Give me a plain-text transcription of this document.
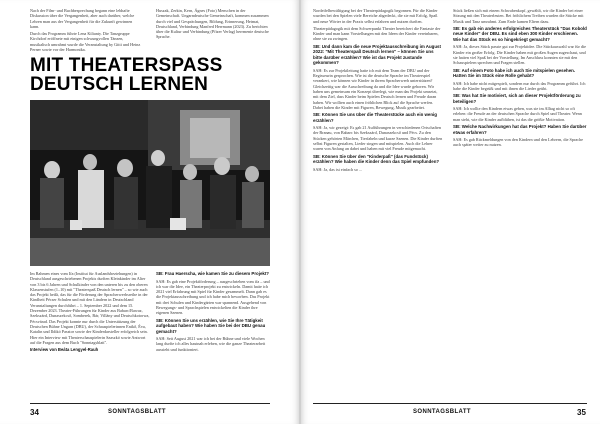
Nach der Film- und Buchbesprechung begann eine lebhafte Diskussion über die Vergangenheit, aber auch darüber, welche Lehren man aus der Vergangenheit für die Zukunft gewinnen kann.

Durch das Programm führte Lena Kilianty. Die Tanzgruppe Kirchdorf eröffnete mit einigen schwungvollen Tänzen, musikalisch umrahmt wurde die Veranstaltung by Gitti und Heinz Perner sowie vor der Harmonika.

Huszak, Zerkin, Kern, Ágnes (Foto) Menschen in der Gemeinschaft. Ungarndeutsche Gemeinschaft, kommen zusammen durch viel und Gesprächungen, Bildung, Erinnerung, Heimat, Deutschland, Verbindung Manfred Herrmann (2023). Zu berichten über die Kultur und Verbindung (Pfizer Verlag) herrmenie deutsche Sprache.

MIT THEATERSPASS
DEUTSCH LERNEN

Im Rahmen eines vom Ifa (Institut für Auslandsbeziehungen) in Deutschland ausgeschriebenen Projekts durften Kleinkinder im Alter von 3 bis 6 Jahren und Schulkinder von den unteren bis zu den oberen Klassenstufen (1–10) mit "Theaterspaß Deutsch lernen" – so wie auch das Projekt heißt, das für die Förderung der Spracherwerbsreihe in der Kindheit Pécser Schulen und mit den Ländern in Deutschland Veranstaltungen durchführt – 1. September 2022 und dem 15. Dezember 2023. Theater-Führungen für Kinder aus Babarc/Bawaz, Szekszárd, Dunaszekcső, Somberek, Bár, Villány und Deutschkotorwa, Pécsvárad. Das Projekt konnte nur durch die Unterstützung der Deutschen Bühne Ungarn (DBU), der Schauspielerinnen Enikő, Éva, Katalin und Ildikó Pasztor sowie der Kinderdarsteller erfolgreich sein. Hier ein Interview mit Theaterschauspielerin Szaszkó sowie Antwort auf die Fragen aus dem Buch "Sonntagsblatt".

Interview von Beáta Lengyel-Rauh

SB: Frau Haerscha, wie kamen Sie zu diesem Projekt?

SAH: Es gab eine Projektförderung – ausgeschrieben vom ifa – und ich war die Idee, ein Theaterprojekt zu entwickeln. Damit hatte ich 2021 viel Erfahrung mit Spiel für Kinder gesammelt. Dann gab es die Projektausschreibung und ich habe mich beworben. Das Projekt mit drei Schulen und Kindergärten war spannend. Ausgehend von Bewegungs- und Sprachspielen entwickelten die Kinder ihre eigenen Szenen.

SB: Können Sie uns erzählen, wie Sie Ihre Tätigkeit aufgebaut haben? Wie haben Sie bei der DBU genau gemacht?

SAH: Seit August 2021 war ich bei der Bühne und viele Wochen lang durfte ich alles hautnah erleben, wie die ganze Theaterarbeit aussieht und funktioniert.

34	SONNTAGSBLATT

Nordeifelbewältigung bei der Theaterpädagogik begonnen. Für die Kinder wurden bei den Spielen viele Bereiche abgedeckt, die sie mit Erfolg, Spaß und neue Wörter in der Praxis selbst erfahren und nutzen durften.

Theaterpädagogik mit dem Schwerpunkt Theater bereichert die Fantasie der Kinder und man kann Vorstellungen mit den Ideen der Kinder vereinbaren, ohne sie zu zwingen.

SB: Und dann kam die neue Projektausschreibung im August 2022: "Mit Theaterspaß Deutsch lernen" – können Sie uns bitte darüber erzählen? Wie ist das Projekt zustande gekommen?

SAH: Es zur Projektleitung hatte ich mit dem Team der DBU und der Regisseurin gesprochen. Wie ist die deutsche Sprache im Theaterspiel verankert, wie können wir Kinder in ihrem Spracherwerb unterstützen? Gleichzeitig war die Ausschreibung da und die Idee wurde geboren. Wir haben uns gemeinsam ein Konzept überlegt, wie man das Projekt umsetzt, mit dem Ziel, dass Kinder beim Spielen Deutsch lernen und Freude daran haben. Wir wollten auch einen fröhlichen Blick auf die Sprache werfen. Dabei haben die Kinder mit Figuren, Bewegung, Musik gearbeitet.

SB: Können Sie uns über die Theaterstücke auch ein wenig erzählen?

SAH: Ja, wir gezeigt: Es gab 21 Aufführungen in verschiedenen Ortschaften der Branau, von Babarc bis Szekszárd, Dunaszekcső und Pécs. Zu den Stücken gehörten Märchen, Tierfabeln und kurze Szenen. Die Kinder durften selbst Figuren gestalten, Lieder singen und mitspielen. Auch die Lehrer waren von Anfang an dabei und haben mit viel Freude mitgemacht.

SB: Können Sie über den "Kinderpaß" (das Fundstück) erzählen? Wie haben die Kinder denn das Spiel empfunden?

SAH: Ja, das ist einfach so ...

Stück ließen sich mit einem Schwabenkopf, gewählt, wir die Kinder bei einer Sitzung mit den Theaterleuten. Bei fröhlichem Treiben wurden die Stücke mit Musik und Tanz umrahmt. Zum Ende kamen Eltern dazu.

SB: Es gab ein anderes erfolgreiches Theaterstück "Das Kobold neue Kinder" der DBU. Es sind eben 300 Kinder erschienen. Wie hat das Stück es so hingekriegt gemacht?

SAH: Ja, dieses Stück passte gut zur Projektidee. Die Stückauswahl war für die Kinder ein großer Erfolg. Die Kinder haben mit großen Augen zugeschaut, und sie hatten viel Spaß bei der Vorstellung. Im Anschluss konnten sie mit den Schauspielern sprechen und Fragen stellen.

SB: Auf einem Foto habe ich auch Sie mitspielen gesehen. Hatten Sie im Stück eine Rolle gehabt?

SAH: Ich habe nicht mitgespielt, sondern nur durch das Programm geführt. Ich habe die Kinder begrüßt und mit ihnen die Lieder geübt.

SB: Was hat Sie motiviert, sich an dieser Projektförderung zu beteiligen?

SAH: Ich wollte den Kindern etwas geben, was sie im Alltag nicht so oft erleben: die Freude an der deutschen Sprache durch Spiel und Theater. Wenn man sieht, wie die Kinder aufblühen, ist das die größte Motivation.

SB: Welche Nachwirkungen hat das Projekt? Haben Sie darüber etwas erfahren?

SAH: Es gab Rückmeldungen von den Kindern und den Lehrern, die Sprache auch später weiter zu nutzen.

SONNTAGSBLATT	35
